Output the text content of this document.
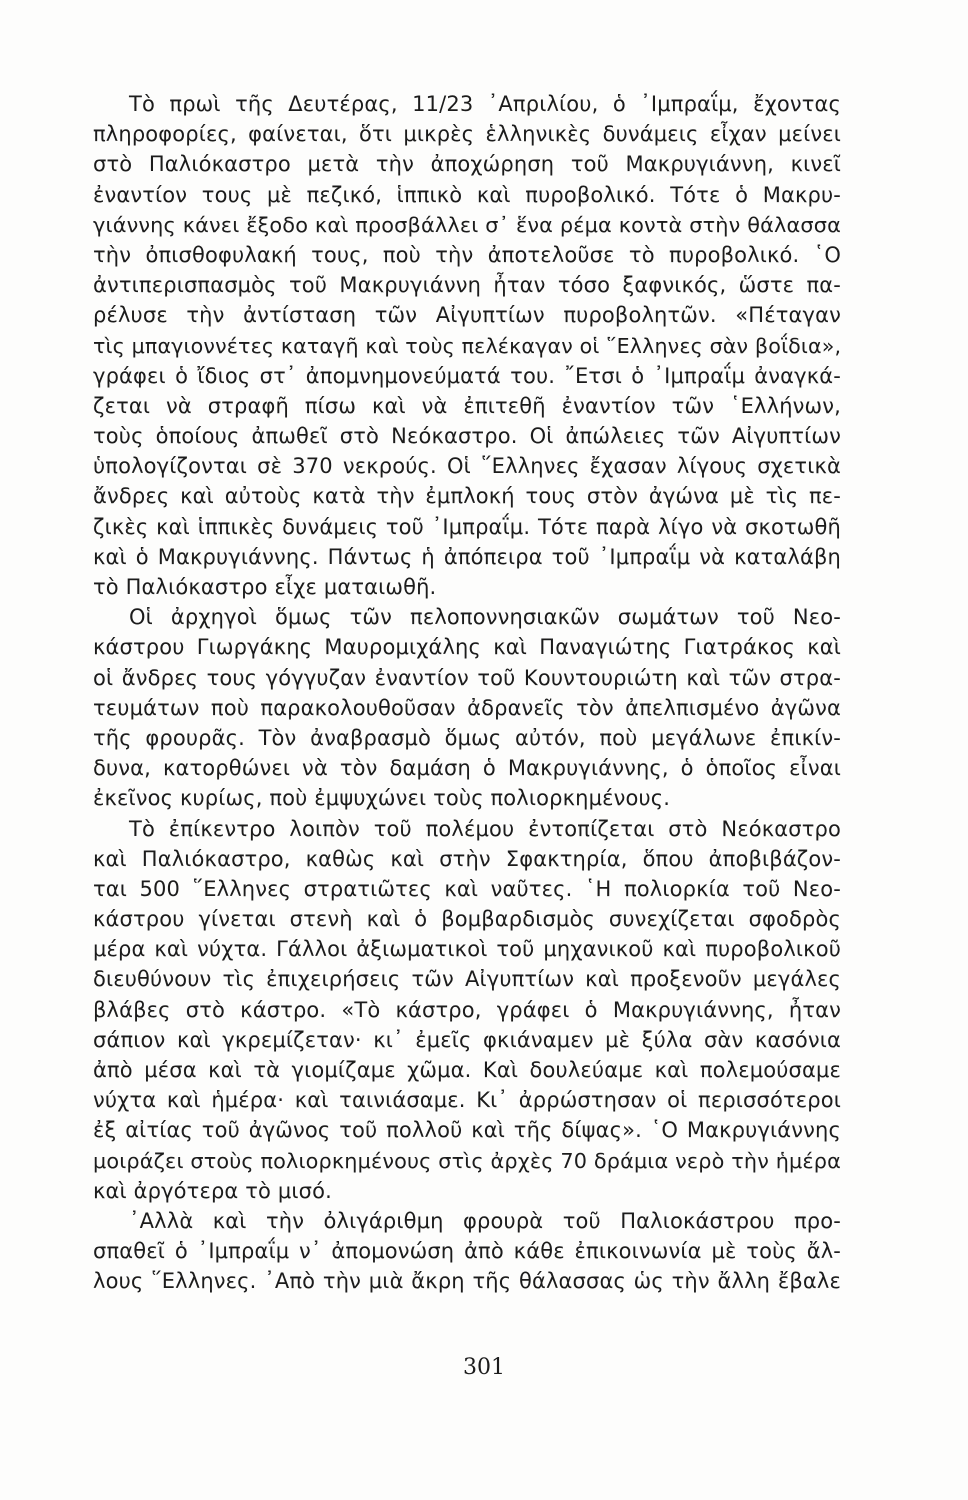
Τὸ πρωὶ τῆς Δευτέρας, 11/23 ᾿Απριλίου, ὁ ᾿Ιμπραΐμ, ἔχοντας
πληροφορίες, φαίνεται, ὅτι μικρὲς ἑλληνικὲς δυνάμεις εἶχαν μείνει
στὸ Παλιόκαστρο μετὰ τὴν ἀποχώρηση τοῦ Μακρυγιάννη, κινεῖ
ἐναντίον τους μὲ πεζικό, ἱππικὸ καὶ πυροβολικό. Τότε ὁ Μακρυ-
γιάννης κάνει ἔξοδο καὶ προσβάλλει σ᾿ ἕνα ρέμα κοντὰ στὴν θάλασσα
τὴν ὀπισθοφυλακή τους, ποὺ τὴν ἀποτελοῦσε τὸ πυροβολικό. ῾Ο
ἀντιπερισπασμὸς τοῦ Μακρυγιάννη ἦταν τόσο ξαφνικός, ὥστε πα-
ρέλυσε τὴν ἀντίσταση τῶν Αἰγυπτίων πυροβολητῶν. «Πέταγαν
τὶς μπαγιοννέτες καταγῆ καὶ τοὺς πελέκαγαν οἱ ῞Ελληνες σὰν βοΐδια»,
γράφει ὁ ἴδιος στ᾿ ἀπομνημονεύματά του. ῎Ετσι ὁ ᾿Ιμπραΐμ ἀναγκά-
ζεται νὰ στραφῆ πίσω καὶ νὰ ἐπιτεθῆ ἐναντίον τῶν ῾Ελλήνων,
τοὺς ὁποίους ἀπωθεῖ στὸ Νεόκαστρο. Οἱ ἀπώλειες τῶν Αἰγυπτίων
ὑπολογίζονται σὲ 370 νεκρούς. Οἱ ῞Ελληνες ἔχασαν λίγους σχετικὰ
ἄνδρες καὶ αὐτοὺς κατὰ τὴν ἐμπλοκή τους στὸν ἀγώνα μὲ τὶς πε-
ζικὲς καὶ ἱππικὲς δυνάμεις τοῦ ᾿Ιμπραΐμ. Τότε παρὰ λίγο νὰ σκοτωθῆ
καὶ ὁ Μακρυγιάννης. Πάντως ἡ ἀπόπειρα τοῦ ᾿Ιμπραΐμ νὰ καταλάβη
τὸ Παλιόκαστρο εἶχε ματαιωθῆ.
Οἱ ἀρχηγοὶ ὅμως τῶν πελοποννησιακῶν σωμάτων τοῦ Νεο-
κάστρου Γιωργάκης Μαυρομιχάλης καὶ Παναγιώτης Γιατράκος καὶ
οἱ ἄνδρες τους γόγγυζαν ἐναντίον τοῦ Κουντουριώτη καὶ τῶν στρα-
τευμάτων ποὺ παρακολουθοῦσαν ἀδρανεῖς τὸν ἀπελπισμένο ἀγῶνα
τῆς φρουρᾶς. Τὸν ἀναβρασμὸ ὅμως αὐτόν, ποὺ μεγάλωνε ἐπικίν-
δυνα, κατορθώνει νὰ τὸν δαμάση ὁ Μακρυγιάννης, ὁ ὁποῖος εἶναι
ἐκεῖνος κυρίως, ποὺ ἐμψυχώνει τοὺς πολιορκημένους.
Τὸ ἐπίκεντρο λοιπὸν τοῦ πολέμου ἐντοπίζεται στὸ Νεόκαστρο
καὶ Παλιόκαστρο, καθὼς καὶ στὴν Σφακτηρία, ὅπου ἀποβιβάζον-
ται 500 ῞Ελληνες στρατιῶτες καὶ ναῦτες. ῾Η πολιορκία τοῦ Νεο-
κάστρου γίνεται στενὴ καὶ ὁ βομβαρδισμὸς συνεχίζεται σφοδρὸς
μέρα καὶ νύχτα. Γάλλοι ἀξιωματικοὶ τοῦ μηχανικοῦ καὶ πυροβολικοῦ
διευθύνουν τὶς ἐπιχειρήσεις τῶν Αἰγυπτίων καὶ προξενοῦν μεγάλες
βλάβες στὸ κάστρο. «Τὸ κάστρο, γράφει ὁ Μακρυγιάννης, ἦταν
σάπιον καὶ γκρεμίζεταν· κι᾿ ἐμεῖς φκιάναμεν μὲ ξύλα σὰν κασόνια
ἀπὸ μέσα καὶ τὰ γιομίζαμε χῶμα. Καὶ δουλεύαμε καὶ πολεμούσαμε
νύχτα καὶ ἡμέρα· καὶ ταινιάσαμε. Κι᾿ ἀρρώστησαν οἱ περισσότεροι
ἐξ αἰτίας τοῦ ἀγῶνος τοῦ πολλοῦ καὶ τῆς δίψας». ῾Ο Μακρυγιάννης
μοιράζει στοὺς πολιορκημένους στὶς ἀρχὲς 70 δράμια νερὸ τὴν ἡμέρα
καὶ ἀργότερα τὸ μισό.
᾿Αλλὰ καὶ τὴν ὀλιγάριθμη φρουρὰ τοῦ Παλιοκάστρου προ-
σπαθεῖ ὁ ᾿Ιμπραΐμ ν᾿ ἀπομονώση ἀπὸ κάθε ἐπικοινωνία μὲ τοὺς ἄλ-
λους ῞Ελληνες. ᾿Απὸ τὴν μιὰ ἄκρη τῆς θάλασσας ὡς τὴν ἄλλη ἔβαλε
301
